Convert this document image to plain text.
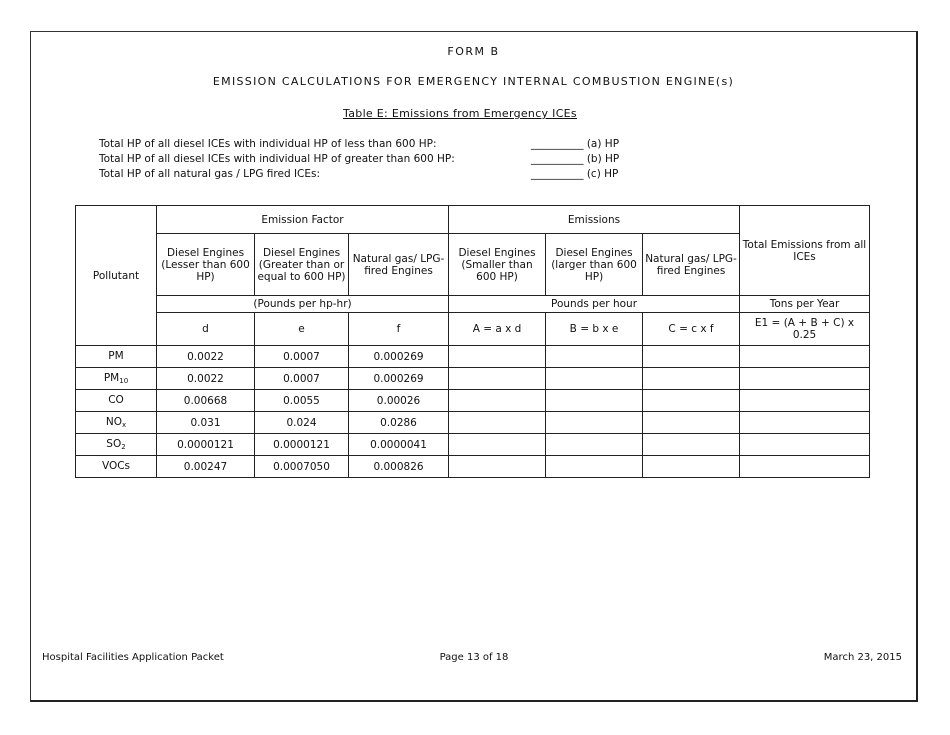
FORM B
EMISSION CALCULATIONS FOR EMERGENCY INTERNAL COMBUSTION ENGINE(s)
Table E: Emissions from Emergency ICEs
Total HP of all diesel ICEs with individual HP of less than 600 HP:	__________ (a) HP
Total HP of all diesel ICEs with individual HP of greater than 600 HP:	__________ (b) HP
Total HP of all natural gas / LPG fired ICEs:	__________ (c) HP
Pollutant	Emission Factor			Emissions			Total Emissions from all ICEs
	Diesel Engines (Lesser than 600 HP)	Diesel Engines (Greater than or equal to 600 HP)	Natural gas/ LPG-fired Engines	Diesel Engines (Smaller than 600 HP)	Diesel Engines (larger than 600 HP)	Natural gas/ LPG-fired Engines	
	(Pounds per hp-hr)			Pounds per hour			Tons per Year
	d	e	f	A = a x d	B = b x e	C = c x f	E1 = (A + B + C) x 0.25
PM	0.0022	0.0007	0.000269				
$PM_{10}$	0.0022	0.0007	0.000269				
CO	0.00668	0.0055	0.00026				
$NO_x$	0.031	0.024	0.0286				
$SO_2$	0.0000121	0.0000121	0.0000041				
VOCs	0.00247	0.0007050	0.000826				
Hospital Facilities Application Packet	Page 13 of 18	March 23, 2015
